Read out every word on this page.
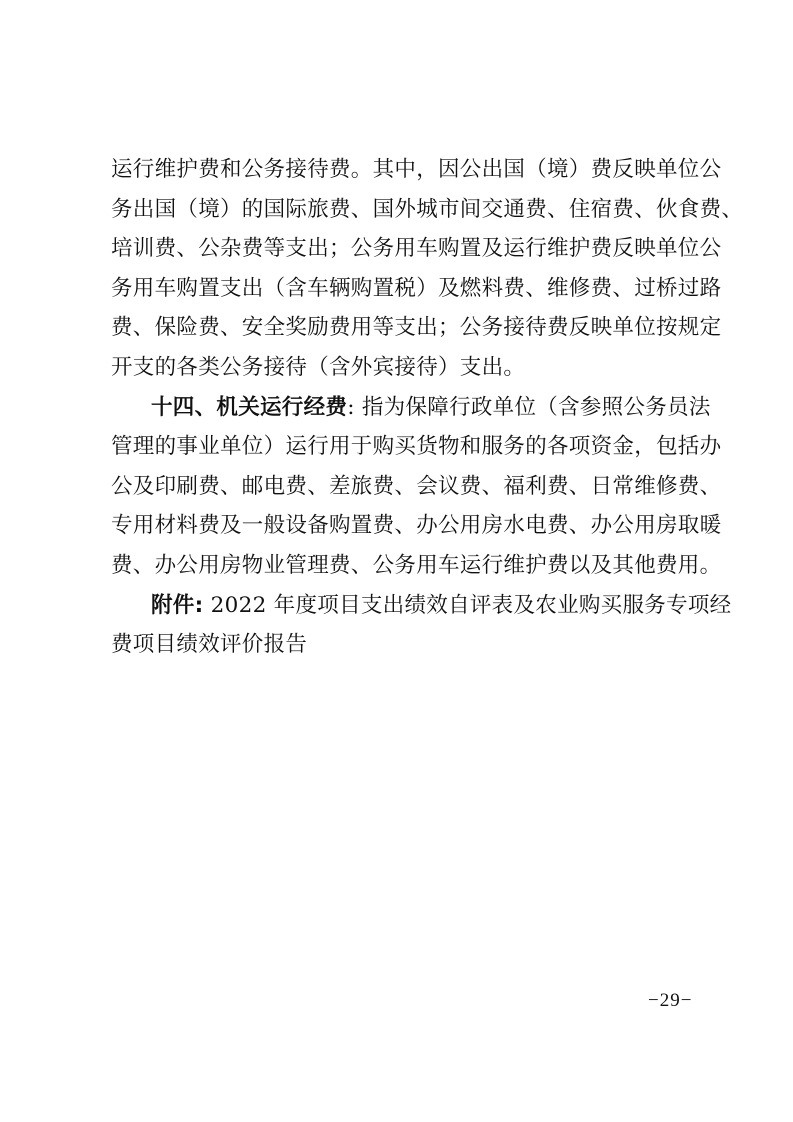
运行维护费和公务接待费。其中，因公出国（境）费反映单位公
务出国（境）的国际旅费、国外城市间交通费、住宿费、伙食费、
培训费、公杂费等支出；公务用车购置及运行维护费反映单位公
务用车购置支出（含车辆购置税）及燃料费、维修费、过桥过路
费、保险费、安全奖励费用等支出；公务接待费反映单位按规定
开支的各类公务接待（含外宾接待）支出。
十四、机关运行经费: 指为保障行政单位（含参照公务员法
管理的事业单位）运行用于购买货物和服务的各项资金，包括办
公及印刷费、邮电费、差旅费、会议费、福利费、日常维修费、
专用材料费及一般设备购置费、办公用房水电费、办公用房取暖
费、办公用房物业管理费、公务用车运行维护费以及其他费用。
附件: 2022 年度项目支出绩效自评表及农业购买服务专项经
费项目绩效评价报告
−29−
